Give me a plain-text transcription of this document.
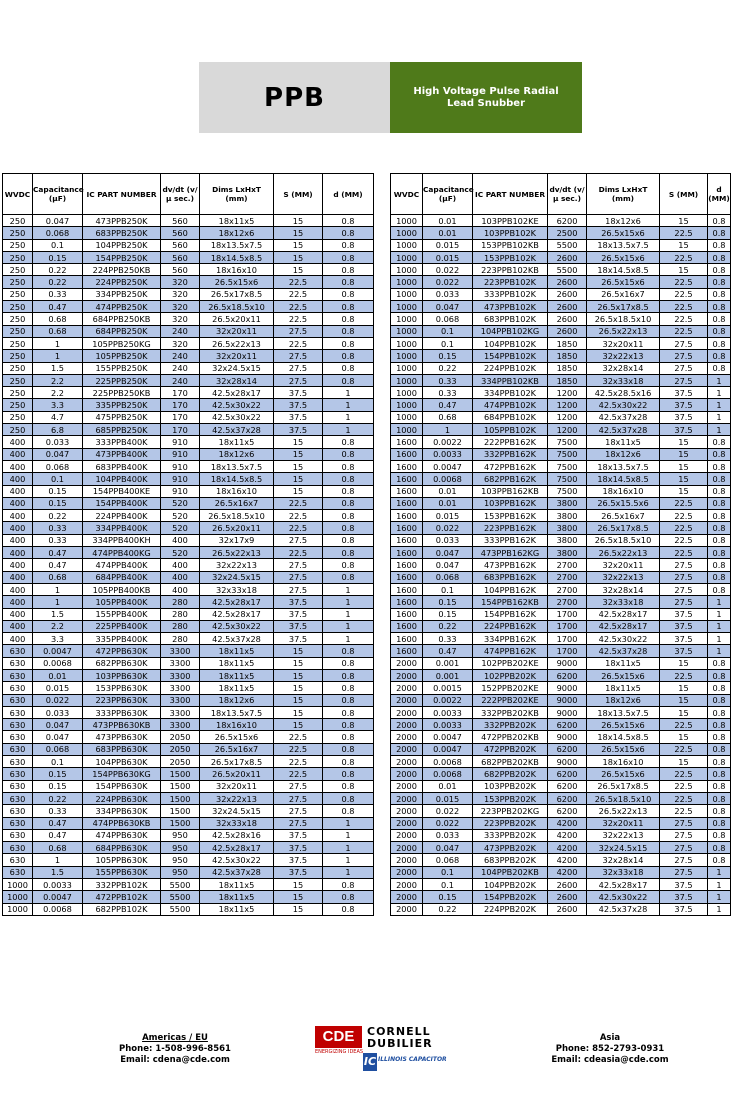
PPB	High Voltage Pulse Radial
Lead Snubber
WVDC	Capacitance (µF)	IC PART NUMBER	dv/dt (v/µ sec.)	Dims LxHxT (mm)	S (MM)	d (MM)
250	0.047	473PPB250K	560	18x11x5	15	0.8
250	0.068	683PPB250K	560	18x12x6	15	0.8
250	0.1	104PPB250K	560	18x13.5x7.5	15	0.8
250	0.15	154PPB250K	560	18x14.5x8.5	15	0.8
250	0.22	224PPB250KB	560	18x16x10	15	0.8
250	0.22	224PPB250K	320	26.5x15x6	22.5	0.8
250	0.33	334PPB250K	320	26.5x17x8.5	22.5	0.8
250	0.47	474PPB250K	320	26.5x18.5x10	22.5	0.8
250	0.68	684PPB250KB	320	26.5x20x11	22.5	0.8
250	0.68	684PPB250K	240	32x20x11	27.5	0.8
250	1	105PPB250KG	320	26.5x22x13	22.5	0.8
250	1	105PPB250K	240	32x20x11	27.5	0.8
250	1.5	155PPB250K	240	32x24.5x15	27.5	0.8
250	2.2	225PPB250K	240	32x28x14	27.5	0.8
250	2.2	225PPB250KB	170	42.5x28x17	37.5	1
250	3.3	335PPB250K	170	42.5x30x22	37.5	1
250	4.7	475PPB250K	170	42.5x30x22	37.5	1
250	6.8	685PPB250K	170	42.5x37x28	37.5	1
400	0.033	333PPB400K	910	18x11x5	15	0.8
400	0.047	473PPB400K	910	18x12x6	15	0.8
400	0.068	683PPB400K	910	18x13.5x7.5	15	0.8
400	0.1	104PPB400K	910	18x14.5x8.5	15	0.8
400	0.15	154PPB400KE	910	18x16x10	15	0.8
400	0.15	154PPB400K	520	26.5x16x7	22.5	0.8
400	0.22	224PPB400K	520	26.5x18.5x10	22.5	0.8
400	0.33	334PPB400K	520	26.5x20x11	22.5	0.8
400	0.33	334PPB400KH	400	32x17x9	27.5	0.8
400	0.47	474PPB400KG	520	26.5x22x13	22.5	0.8
400	0.47	474PPB400K	400	32x22x13	27.5	0.8
400	0.68	684PPB400K	400	32x24.5x15	27.5	0.8
400	1	105PPB400KB	400	32x33x18	27.5	1
400	1	105PPB400K	280	42.5x28x17	37.5	1
400	1.5	155PPB400K	280	42.5x28x17	37.5	1
400	2.2	225PPB400K	280	42.5x30x22	37.5	1
400	3.3	335PPB400K	280	42.5x37x28	37.5	1
630	0.0047	472PPB630K	3300	18x11x5	15	0.8
630	0.0068	682PPB630K	3300	18x11x5	15	0.8
630	0.01	103PPB630K	3300	18x11x5	15	0.8
630	0.015	153PPB630K	3300	18x11x5	15	0.8
630	0.022	223PPB630K	3300	18x12x6	15	0.8
630	0.033	333PPB630K	3300	18x13.5x7.5	15	0.8
630	0.047	473PPB630KB	3300	18x16x10	15	0.8
630	0.047	473PPB630K	2050	26.5x15x6	22.5	0.8
630	0.068	683PPB630K	2050	26.5x16x7	22.5	0.8
630	0.1	104PPB630K	2050	26.5x17x8.5	22.5	0.8
630	0.15	154PPB630KG	1500	26.5x20x11	22.5	0.8
630	0.15	154PPB630K	1500	32x20x11	27.5	0.8
630	0.22	224PPB630K	1500	32x22x13	27.5	0.8
630	0.33	334PPB630K	1500	32x24.5x15	27.5	0.8
630	0.47	474PPB630KB	1500	32x33x18	27.5	1
630	0.47	474PPB630K	950	42.5x28x16	37.5	1
630	0.68	684PPB630K	950	42.5x28x17	37.5	1
630	1	105PPB630K	950	42.5x30x22	37.5	1
630	1.5	155PPB630K	950	42.5x37x28	37.5	1
1000	0.0033	332PPB102K	5500	18x11x5	15	0.8
1000	0.0047	472PPB102K	5500	18x11x5	15	0.8
1000	0.0068	682PPB102K	5500	18x11x5	15	0.8
WVDC	Capacitance (µF)	IC PART NUMBER	dv/dt (v/µ sec.)	Dims LxHxT (mm)	S (MM)	d (MM)
1000	0.01	103PPB102KE	6200	18x12x6	15	0.8
1000	0.01	103PPB102K	2500	26.5x15x6	22.5	0.8
1000	0.015	153PPB102KB	5500	18x13.5x7.5	15	0.8
1000	0.015	153PPB102K	2600	26.5x15x6	22.5	0.8
1000	0.022	223PPB102KB	5500	18x14.5x8.5	15	0.8
1000	0.022	223PPB102K	2600	26.5x15x6	22.5	0.8
1000	0.033	333PPB102K	2600	26.5x16x7	22.5	0.8
1000	0.047	473PPB102K	2600	26.5x17x8.5	22.5	0.8
1000	0.068	683PPB102K	2600	26.5x18.5x10	22.5	0.8
1000	0.1	104PPB102KG	2600	26.5x22x13	22.5	0.8
1000	0.1	104PPB102K	1850	32x20x11	27.5	0.8
1000	0.15	154PPB102K	1850	32x22x13	27.5	0.8
1000	0.22	224PPB102K	1850	32x28x14	27.5	0.8
1000	0.33	334PPB102KB	1850	32x33x18	27.5	1
1000	0.33	334PPB102K	1200	42.5x28.5x16	37.5	1
1000	0.47	474PPB102K	1200	42.5x30x22	37.5	1
1000	0.68	684PPB102K	1200	42.5x37x28	37.5	1
1000	1	105PPB102K	1200	42.5x37x28	37.5	1
1600	0.0022	222PPB162K	7500	18x11x5	15	0.8
1600	0.0033	332PPB162K	7500	18x12x6	15	0.8
1600	0.0047	472PPB162K	7500	18x13.5x7.5	15	0.8
1600	0.0068	682PPB162K	7500	18x14.5x8.5	15	0.8
1600	0.01	103PPB162KB	7500	18x16x10	15	0.8
1600	0.01	103PPB162K	3800	26.5x15.5x6	22.5	0.8
1600	0.015	153PPB162K	3800	26.5x16x7	22.5	0.8
1600	0.022	223PPB162K	3800	26.5x17x8.5	22.5	0.8
1600	0.033	333PPB162K	3800	26.5x18.5x10	22.5	0.8
1600	0.047	473PPB162KG	3800	26.5x22x13	22.5	0.8
1600	0.047	473PPB162K	2700	32x20x11	27.5	0.8
1600	0.068	683PPB162K	2700	32x22x13	27.5	0.8
1600	0.1	104PPB162K	2700	32x28x14	27.5	0.8
1600	0.15	154PPB162KB	2700	32x33x18	27.5	1
1600	0.15	154PPB162K	1700	42.5x28x17	37.5	1
1600	0.22	224PPB162K	1700	42.5x28x17	37.5	1
1600	0.33	334PPB162K	1700	42.5x30x22	37.5	1
1600	0.47	474PPB162K	1700	42.5x37x28	37.5	1
2000	0.001	102PPB202KE	9000	18x11x5	15	0.8
2000	0.001	102PPB202K	6200	26.5x15x6	22.5	0.8
2000	0.0015	152PPB202KE	9000	18x11x5	15	0.8
2000	0.0022	222PPB202KE	9000	18x12x6	15	0.8
2000	0.0033	332PPB202KB	9000	18x13.5x7.5	15	0.8
2000	0.0033	332PPB202K	6200	26.5x15x6	22.5	0.8
2000	0.0047	472PPB202KB	9000	18x14.5x8.5	15	0.8
2000	0.0047	472PPB202K	6200	26.5x15x6	22.5	0.8
2000	0.0068	682PPB202KB	9000	18x16x10	15	0.8
2000	0.0068	682PPB202K	6200	26.5x15x6	22.5	0.8
2000	0.01	103PPB202K	6200	26.5x17x8.5	22.5	0.8
2000	0.015	153PPB202K	6200	26.5x18.5x10	22.5	0.8
2000	0.022	223PPB202KG	6200	26.5x22x13	22.5	0.8
2000	0.022	223PPB202K	4200	32x20x11	27.5	0.8
2000	0.033	333PPB202K	4200	32x22x13	27.5	0.8
2000	0.047	473PPB202K	4200	32x24.5x15	27.5	0.8
2000	0.068	683PPB202K	4200	32x28x14	27.5	0.8
2000	0.1	104PPB202KB	4200	32x33x18	27.5	1
2000	0.1	104PPB202K	2600	42.5x28x17	37.5	1
2000	0.15	154PPB202K	2600	42.5x30x22	37.5	1
2000	0.22	224PPB202K	2600	42.5x37x28	37.5	1
Americas / EU
Phone: 1-508-996-8561
Email: cdena@cde.com
CDE	CORNELL
DUBILIER
ENERGIZING IDEAS
IC ILLINOIS CAPACITOR
Asia
Phone: 852-2793-0931
Email: cdeasia@cde.com
